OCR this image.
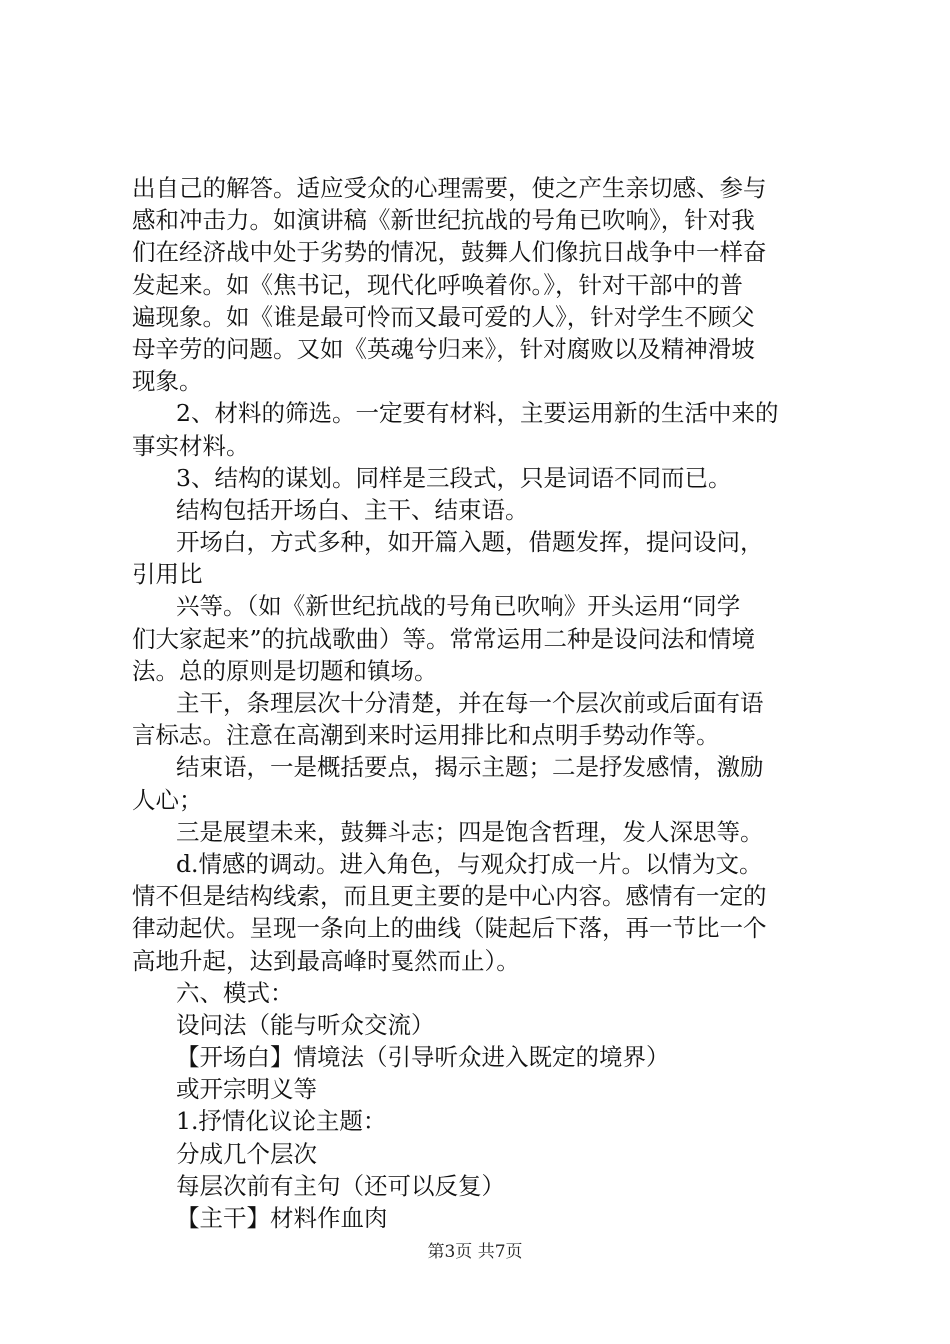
出自己的解答。适应受众的心理需要，使之产生亲切感、参与
感和冲击力。如演讲稿《新世纪抗战的号角已吹响》，针对我
们在经济战中处于劣势的情况，鼓舞人们像抗日战争中一样奋
发起来。如《焦书记，现代化呼唤着你。》，针对干部中的普
遍现象。如《谁是最可怜而又最可爱的人》，针对学生不顾父
母辛劳的问题。又如《英魂兮归来》，针对腐败以及精神滑坡
现象。
2、材料的筛选。一定要有材料，主要运用新的生活中来的
事实材料。
3、结构的谋划。同样是三段式，只是词语不同而已。
结构包括开场白、主干、结束语。
开场白，方式多种，如开篇入题，借题发挥，提问设问，
引用比
兴等。（如《新世纪抗战的号角已吹响》开头运用“同学
们大家起来”的抗战歌曲）等。常常运用二种是设问法和情境
法。总的原则是切题和镇场。
主干，条理层次十分清楚，并在每一个层次前或后面有语
言标志。注意在高潮到来时运用排比和点明手势动作等。
结束语，一是概括要点，揭示主题；二是抒发感情，激励
人心；
三是展望未来，鼓舞斗志；四是饱含哲理，发人深思等。
d.情感的调动。进入角色，与观众打成一片。以情为文。
情不但是结构线索，而且更主要的是中心内容。感情有一定的
律动起伏。呈现一条向上的曲线（陡起后下落，再一节比一个
高地升起，达到最高峰时戛然而止）。
六、模式：
设问法（能与听众交流）
【开场白】情境法（引导听众进入既定的境界）
或开宗明义等
1.抒情化议论主题：
分成几个层次
每层次前有主句（还可以反复）
【主干】材料作血肉
第3页 共7页
